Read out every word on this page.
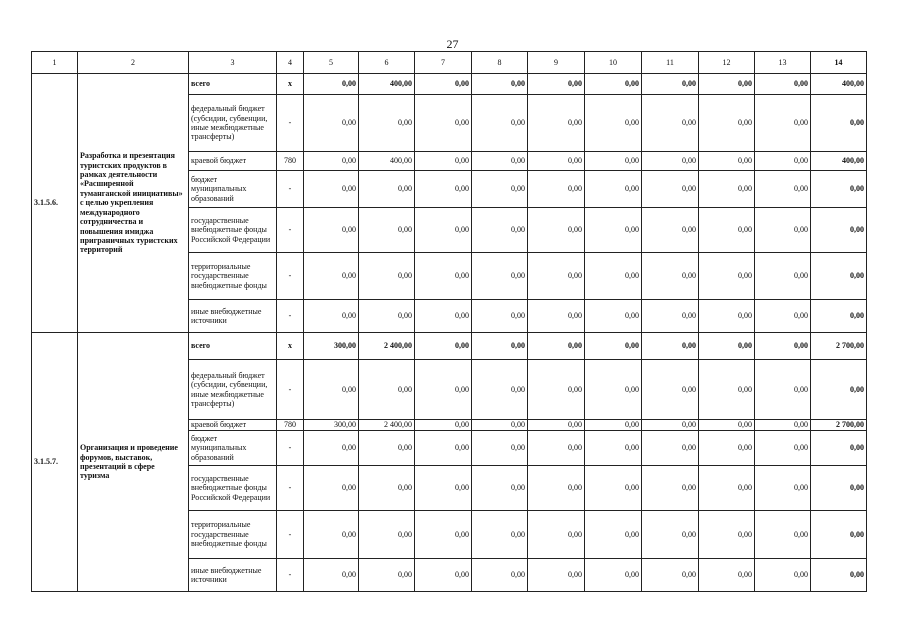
27
1	2	3	4	5	6	7	8	9	10	11	12	13	14
3.1.5.6.	Разработка и презентация туристских продуктов в рамках деятельности «Расширенной туманганской инициативы» с целью укрепления международного сотрудничества и повышения имиджа приграничных туристских территорий	всего	х	0,00	400,00	0,00	0,00	0,00	0,00	0,00	0,00	0,00	400,00
		федеральный бюджет (субсидии, субвенции, иные межбюджетные трансферты)	-	0,00	0,00	0,00	0,00	0,00	0,00	0,00	0,00	0,00	0,00
		краевой бюджет	780	0,00	400,00	0,00	0,00	0,00	0,00	0,00	0,00	0,00	400,00
		бюджет муниципальных образований	-	0,00	0,00	0,00	0,00	0,00	0,00	0,00	0,00	0,00	0,00
		государственные внебюджетные фонды Российской Федерации	-	0,00	0,00	0,00	0,00	0,00	0,00	0,00	0,00	0,00	0,00
		территориальные государственные внебюджетные фонды	-	0,00	0,00	0,00	0,00	0,00	0,00	0,00	0,00	0,00	0,00
		иные внебюджетные источники	-	0,00	0,00	0,00	0,00	0,00	0,00	0,00	0,00	0,00	0,00
3.1.5.7.	Организация и проведение форумов, выставок, презентаций в сфере туризма	всего	х	300,00	2 400,00	0,00	0,00	0,00	0,00	0,00	0,00	0,00	2 700,00
		федеральный бюджет (субсидии, субвенции, иные межбюджетные трансферты)	-	0,00	0,00	0,00	0,00	0,00	0,00	0,00	0,00	0,00	0,00
		краевой бюджет	780	300,00	2 400,00	0,00	0,00	0,00	0,00	0,00	0,00	0,00	2 700,00
		бюджет муниципальных образований	-	0,00	0,00	0,00	0,00	0,00	0,00	0,00	0,00	0,00	0,00
		государственные внебюджетные фонды Российской Федерации	-	0,00	0,00	0,00	0,00	0,00	0,00	0,00	0,00	0,00	0,00
		территориальные государственные внебюджетные фонды	-	0,00	0,00	0,00	0,00	0,00	0,00	0,00	0,00	0,00	0,00
		иные внебюджетные источники	-	0,00	0,00	0,00	0,00	0,00	0,00	0,00	0,00	0,00	0,00
